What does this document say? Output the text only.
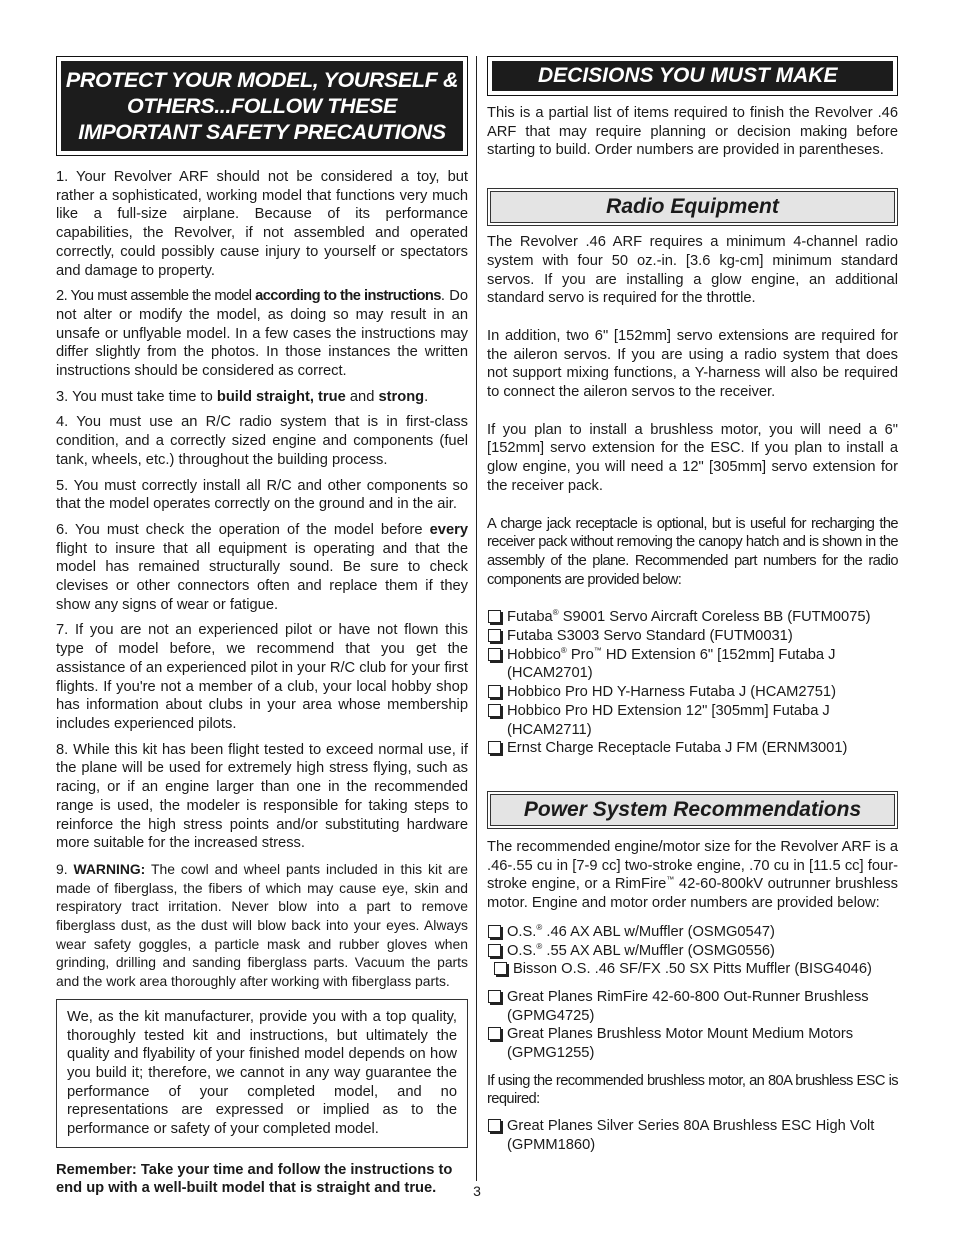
PROTECT YOUR MODEL, YOURSELF & OTHERS...FOLLOW THESE IMPORTANT SAFETY PRECAUTIONS

1. Your Revolver ARF should not be considered a toy, but rather a sophisticated, working model that functions very much like a full-size airplane. Because of its performance capabilities, the Revolver, if not assembled and operated correctly, could possibly cause injury to yourself or spectators and damage to property.

2. You must assemble the model according to the instructions. Do not alter or modify the model, as doing so may result in an unsafe or unflyable model. In a few cases the instructions may differ slightly from the photos. In those instances the written instructions should be considered as correct.

3. You must take time to build straight, true and strong.

4. You must use an R/C radio system that is in first-class condition, and a correctly sized engine and components (fuel tank, wheels, etc.) throughout the building process.

5. You must correctly install all R/C and other components so that the model operates correctly on the ground and in the air.

6. You must check the operation of the model before every flight to insure that all equipment is operating and that the model has remained structurally sound. Be sure to check clevises or other connectors often and replace them if they show any signs of wear or fatigue.

7. If you are not an experienced pilot or have not flown this type of model before, we recommend that you get the assistance of an experienced pilot in your R/C club for your first flights. If you're not a member of a club, your local hobby shop has information about clubs in your area whose membership includes experienced pilots.

8. While this kit has been flight tested to exceed normal use, if the plane will be used for extremely high stress flying, such as racing, or if an engine larger than one in the recommended range is used, the modeler is responsible for taking steps to reinforce the high stress points and/or substituting hardware more suitable for the increased stress.

9. WARNING: The cowl and wheel pants included in this kit are made of fiberglass, the fibers of which may cause eye, skin and respiratory tract irritation. Never blow into a part to remove fiberglass dust, as the dust will blow back into your eyes. Always wear safety goggles, a particle mask and rubber gloves when grinding, drilling and sanding fiberglass parts. Vacuum the parts and the work area thoroughly after working with fiberglass parts.

We, as the kit manufacturer, provide you with a top quality, thoroughly tested kit and instructions, but ultimately the quality and flyability of your finished model depends on how you build it; therefore, we cannot in any way guarantee the performance of your completed model, and no representations are expressed or implied as to the performance or safety of your completed model.

Remember: Take your time and follow the instructions to end up with a well-built model that is straight and true.

DECISIONS YOU MUST MAKE

This is a partial list of items required to finish the Revolver .46 ARF that may require planning or decision making before starting to build. Order numbers are provided in parentheses.

Radio Equipment

The Revolver .46 ARF requires a minimum 4-channel radio system with four 50 oz.-in. [3.6 kg-cm] minimum standard servos. If you are installing a glow engine, an additional standard servo is required for the throttle.

In addition, two 6" [152mm] servo extensions are required for the aileron servos. If you are using a radio system that does not support mixing functions, a Y-harness will also be required to connect the aileron servos to the receiver.

If you plan to install a brushless motor, you will need a 6" [152mm] servo extension for the ESC. If you plan to install a glow engine, you will need a 12" [305mm] servo extension for the receiver pack.

A charge jack receptacle is optional, but is useful for recharging the receiver pack without removing the canopy hatch and is shown in the assembly of the plane. Recommended part numbers for the radio components are provided below:

Futaba® S9001 Servo Aircraft Coreless BB (FUTM0075)
Futaba S3003 Servo Standard (FUTM0031)
Hobbico® Pro™ HD Extension 6" [152mm] Futaba J (HCAM2701)
Hobbico Pro HD Y-Harness Futaba J (HCAM2751)
Hobbico Pro HD Extension 12" [305mm] Futaba J (HCAM2711)
Ernst Charge Receptacle Futaba J FM (ERNM3001)
Power System Recommendations

The recommended engine/motor size for the Revolver ARF is a .46-.55 cu in [7-9 cc] two-stroke engine, .70 cu in [11.5 cc] four-stroke engine, or a RimFire™ 42-60-800kV outrunner brushless motor. Engine and motor order numbers are provided below:

O.S.® .46 AX ABL w/Muffler (OSMG0547)
O.S.® .55 AX ABL w/Muffler (OSMG0556)
Bisson O.S. .46 SF/FX .50 SX Pitts Muffler (BISG4046)
Great Planes RimFire 42-60-800 Out-Runner Brushless (GPMG4725)
Great Planes Brushless Motor Mount Medium Motors (GPMG1255)

If using the recommended brushless motor, an 80A brushless ESC is required:

Great Planes Silver Series 80A Brushless ESC High Volt (GPMM1860)
3
